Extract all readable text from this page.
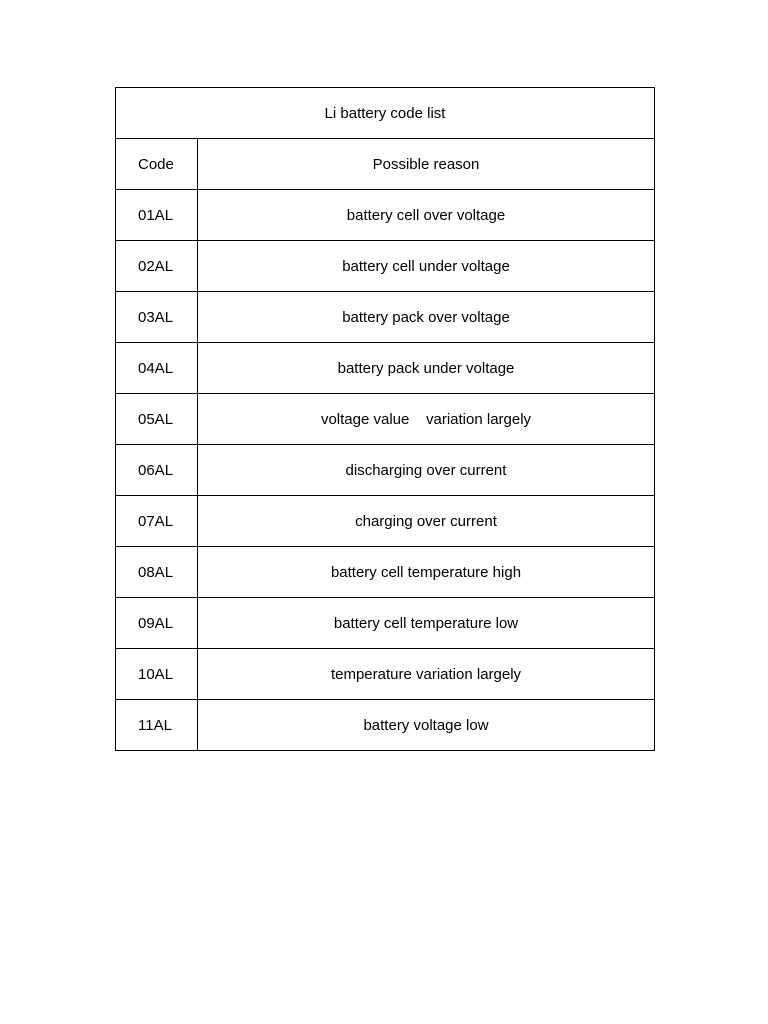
Li battery code list	
Code	Possible reason
01AL	battery cell over voltage
02AL	battery cell under voltage
03AL	battery pack over voltage
04AL	battery pack under voltage
05AL	voltage value    variation largely
06AL	discharging over current
07AL	charging over current
08AL	battery cell temperature high
09AL	battery cell temperature low
10AL	temperature variation largely
11AL	battery voltage low
